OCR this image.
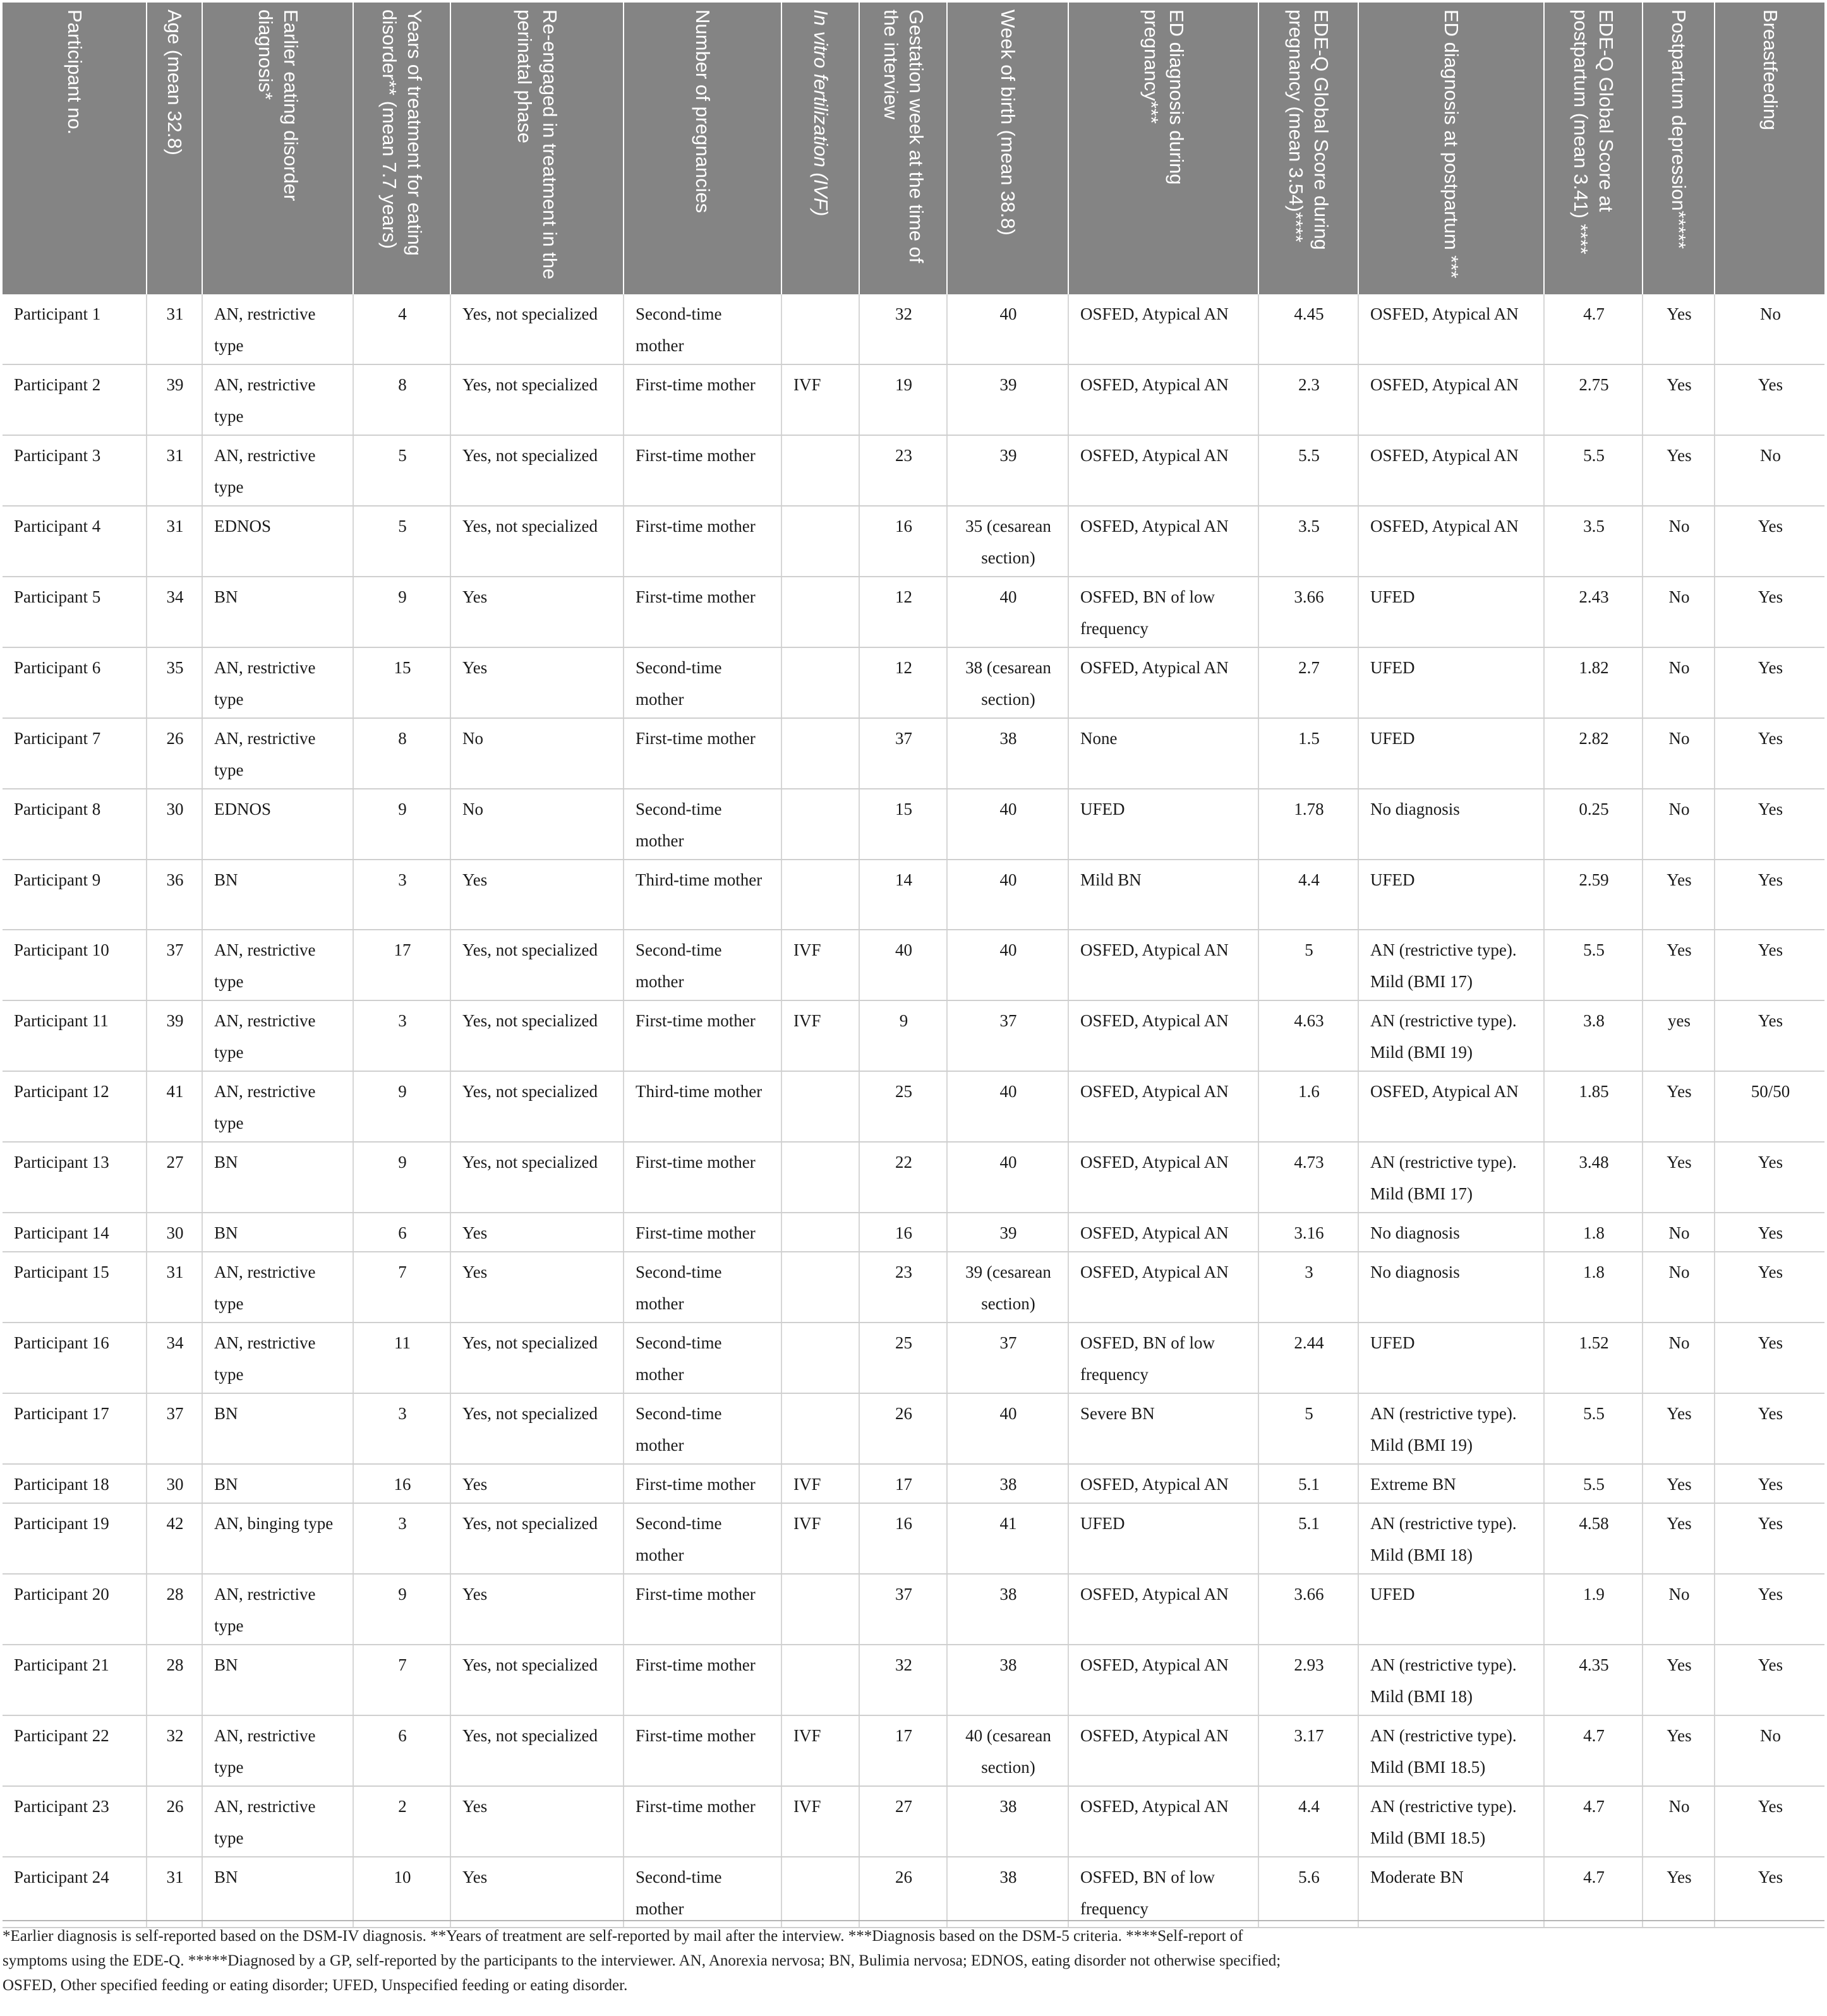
Participant no.	Age (mean 32.8)	Earlier eating disorder diagnosis*	Years of treatment for eating disorder** (mean 7.7 years)	Re-engaged in treatment in the perinatal phase	Number of pregnancies	In vitro fertilization (IVF)	Gestation week at the time of the interview	Week of birth (mean 38.8)	ED diagnosis during pregnancy***	EDE-Q Global Score during pregnancy (mean 3.54)****	ED diagnosis at postpartum ***	EDE-Q Global Score at postpartum (mean 3.41) ****	Postpartum depression*****	Breastfeeding

Participant 1	31	AN, restrictive type	4	Yes, not specialized	Second-time mother		32	40	OSFED, Atypical AN	4.45	OSFED, Atypical AN	4.7	Yes	No
Participant 2	39	AN, restrictive type	8	Yes, not specialized	First-time mother	IVF	19	39	OSFED, Atypical AN	2.3	OSFED, Atypical AN	2.75	Yes	Yes
Participant 3	31	AN, restrictive type	5	Yes, not specialized	First-time mother		23	39	OSFED, Atypical AN	5.5	OSFED, Atypical AN	5.5	Yes	No
Participant 4	31	EDNOS	5	Yes, not specialized	First-time mother		16	35 (cesarean section)	OSFED, Atypical AN	3.5	OSFED, Atypical AN	3.5	No	Yes
Participant 5	34	BN	9	Yes	First-time mother		12	40	OSFED, BN of low frequency	3.66	UFED	2.43	No	Yes
Participant 6	35	AN, restrictive type	15	Yes	Second-time mother		12	38 (cesarean section)	OSFED, Atypical AN	2.7	UFED	1.82	No	Yes
Participant 7	26	AN, restrictive type	8	No	First-time mother		37	38	None	1.5	UFED	2.82	No	Yes
Participant 8	30	EDNOS	9	No	Second-time mother		15	40	UFED	1.78	No diagnosis	0.25	No	Yes
Participant 9	36	BN	3	Yes	Third-time mother		14	40	Mild BN	4.4	UFED	2.59	Yes	Yes
Participant 10	37	AN, restrictive type	17	Yes, not specialized	Second-time mother	IVF	40	40	OSFED, Atypical AN	5	AN (restrictive type). Mild (BMI 17)	5.5	Yes	Yes
Participant 11	39	AN, restrictive type	3	Yes, not specialized	First-time mother	IVF	9	37	OSFED, Atypical AN	4.63	AN (restrictive type). Mild (BMI 19)	3.8	yes	Yes
Participant 12	41	AN, restrictive type	9	Yes, not specialized	Third-time mother		25	40	OSFED, Atypical AN	1.6	OSFED, Atypical AN	1.85	Yes	50/50
Participant 13	27	BN	9	Yes, not specialized	First-time mother		22	40	OSFED, Atypical AN	4.73	AN (restrictive type). Mild (BMI 17)	3.48	Yes	Yes
Participant 14	30	BN	6	Yes	First-time mother		16	39	OSFED, Atypical AN	3.16	No diagnosis	1.8	No	Yes
Participant 15	31	AN, restrictive type	7	Yes	Second-time mother		23	39 (cesarean section)	OSFED, Atypical AN	3	No diagnosis	1.8	No	Yes
Participant 16	34	AN, restrictive type	11	Yes, not specialized	Second-time mother		25	37	OSFED, BN of low frequency	2.44	UFED	1.52	No	Yes
Participant 17	37	BN	3	Yes, not specialized	Second-time mother		26	40	Severe BN	5	AN (restrictive type). Mild (BMI 19)	5.5	Yes	Yes
Participant 18	30	BN	16	Yes	First-time mother	IVF	17	38	OSFED, Atypical AN	5.1	Extreme BN	5.5	Yes	Yes
Participant 19	42	AN, binging type	3	Yes, not specialized	Second-time mother	IVF	16	41	UFED	5.1	AN (restrictive type). Mild (BMI 18)	4.58	Yes	Yes
Participant 20	28	AN, restrictive type	9	Yes	First-time mother		37	38	OSFED, Atypical AN	3.66	UFED	1.9	No	Yes
Participant 21	28	BN	7	Yes, not specialized	First-time mother		32	38	OSFED, Atypical AN	2.93	AN (restrictive type). Mild (BMI 18)	4.35	Yes	Yes
Participant 22	32	AN, restrictive type	6	Yes, not specialized	First-time mother	IVF	17	40 (cesarean section)	OSFED, Atypical AN	3.17	AN (restrictive type). Mild (BMI 18.5)	4.7	Yes	No
Participant 23	26	AN, restrictive type	2	Yes	First-time mother	IVF	27	38	OSFED, Atypical AN	4.4	AN (restrictive type). Mild (BMI 18.5)	4.7	No	Yes
Participant 24	31	BN	10	Yes	Second-time mother		26	38	OSFED, BN of low frequency	5.6	Moderate BN	4.7	Yes	Yes
*Earlier diagnosis is self-reported based on the DSM-IV diagnosis. **Years of treatment are self-reported by mail after the interview. ***Diagnosis based on the DSM-5 criteria. ****Self-report of symptoms using the EDE-Q. *****Diagnosed by a GP, self-reported by the participants to the interviewer. AN, Anorexia nervosa; BN, Bulimia nervosa; EDNOS, eating disorder not otherwise specified; OSFED, Other specified feeding or eating disorder; UFED, Unspecified feeding or eating disorder.
